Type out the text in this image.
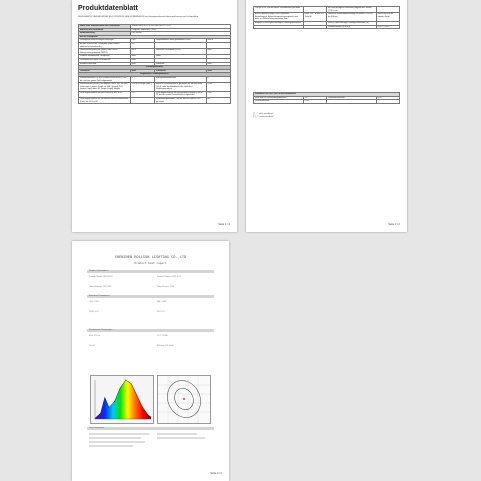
Produktdatenblatt
DELEGIERTE VERORDNUNG (EU) 2019/2015 DER KOMMISSION zur Energieverbrauchskennzeichnung von Lichtquellen
Name oder Handelsmarke des Lieferanten	SHENZHEN ROLLSON LIGHTING CO.,LTD		
Adresse des Lieferanten	Longhua, Shenzhen, China		
Modellkennung	LED BULB		
Art der Lichtquelle			
Verwendete Beleuchtungstechnologie:	LED	Ungebündeltes oder gebündeltes Licht:	NDLS
Art des Sockels der Lichtquelle (oder andere elektrische Schnittstelle)	E27		
Netzspannungsbetrieb (Mains) oder Nicht-Netzspannungsbetrieb (NMLS):	MLS	Vernetzte Lichtquelle (CLS):	Nein
Farblich abstimmbare Lichtquelle:	Nein	Hülle:	-
Lichtquelle mit hoher Leuchtdichte:	Nein		
Blendschutzschild:	Nein	Dimmbar:	Nein
Produktparameter			
Parameter	Wert	Parameter	Wert
Allgemeine Produktparameter			
Energieverbrauch im Ein-Zustand (kWh/1000 h), auf die nächste ganze Zahl aufgerundet	5	Energieeffizienzklasse	F
Nutzlichtstrom (Φuse), mit Angabe, ob er sich auf den Lichtstrom in einem Kegel mit 360° (Kugel), 120° (weiter Kegel) oder 90° (enger Kegel) bezieht	470 lm in Kugel (360°)	Ähnliche Farbtemperatur, gerundet auf die nächsten 100 K, oder die Bandbreite der ähnlichen Farbtemperaturen	2700
Leistungsaufnahme im Ein-Zustand (Pon), in W	4,5	Leistungsaufnahme im Bereitschaftszustand (Psb) in W, auf die zweite Dezimalstelle aufgerundet	0,00
Leistungsaufnahme im vernetzten Bereitschaftsbetrieb (Pnet) für CLS in W	-	Farbwiedergabeindex, auf die nächste ganze Zahl gerundet	80
Seite 1 / 2
Cos φ1 in W, auf die zweite Dezimalstelle gerundet		im Falle geringerer Reflexion, Angabe der Winkel (1,5) in cm	
Äußere Abmessungen ohne separates Betriebsgerät, Beleuchtungssteuerungsteile und nicht zur Beleuchtung dienende Teile	Höhe 110 / Breite 60 / Tiefe 60	Spektrale Strahlungsverteilung im Bereich 250 nm bis 800 nm	Siehe Bild auf der zweiten Seite
Angabe zu einer gleichwertigen Leistungsaufnahme	-	Falls ja, gleichwertige Leistungsaufnahme (W)	-
		Farbwertanteile (x und y)	0,470 / 0,420
Parameter für LED- und OLED-Lichtquellen			
Wert des R9-Farbwiedergabeindex	11	Lebensdauerfaktor	0,90
Lichtstromerhalt	0,93		
(*) „-": nicht zutreffend
(**) „-": nicht zutreffend
Seite 2 / 2
SHENZHEN ROLLSON LIGHTING CO.,LTD
Product test report
Product Information
Product Model: LED BULB	Product Number: RSL-E27
Rated Voltage: 220-240V~	Rated Power: 4.5W
Electrical Parameters
U(V): 230.0	I(A): 0.038
P(W): 4.52	PF: 0.51
Photometric Parameters
Flux: 470 lm	CCT: 2700K
Ra: 80	Efficacy: 104 lm/W
Test Instrument
Seite 2 / 2
